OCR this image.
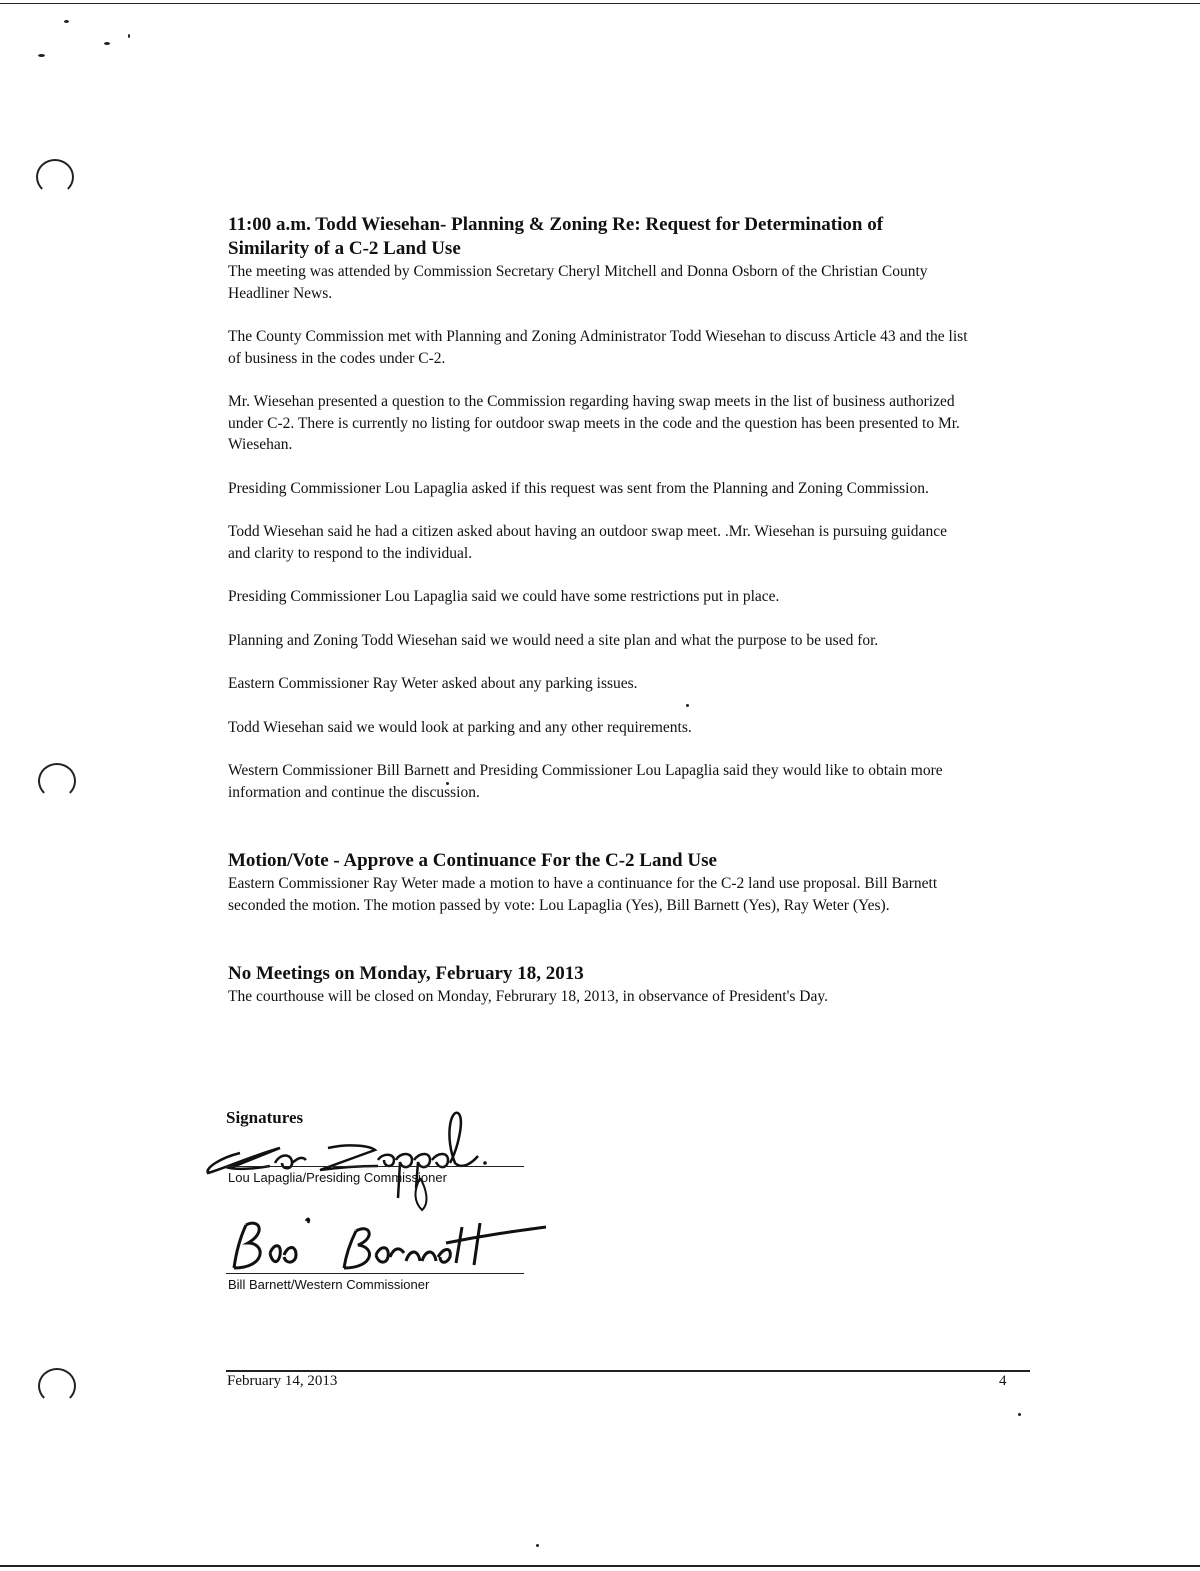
11:00 a.m. Todd Wiesehan- Planning & Zoning Re: Request for Determination of Similarity of a C-2 Land Use

The meeting was attended by Commission Secretary Cheryl Mitchell and Donna Osborn of the Christian County Headliner News.

The County Commission met with Planning and Zoning Administrator Todd Wiesehan to discuss Article 43 and the list of business in the codes under C-2.

Mr. Wiesehan presented a question to the Commission regarding having swap meets in the list of business authorized under C-2. There is currently no listing for outdoor swap meets in the code and the question has been presented to Mr. Wiesehan.

Presiding Commissioner Lou Lapaglia asked if this request was sent from the Planning and Zoning Commission.

Todd Wiesehan said he had a citizen asked about having an outdoor swap meet. .Mr. Wiesehan is pursuing guidance and clarity to respond to the individual.

Presiding Commissioner Lou Lapaglia said we could have some restrictions put in place.

Planning and Zoning Todd Wiesehan said we would need a site plan and what the purpose to be used for.

Eastern Commissioner Ray Weter asked about any parking issues.

Todd Wiesehan said we would look at parking and any other requirements.

Western Commissioner Bill Barnett and Presiding Commissioner Lou Lapaglia said they would like to obtain more information and continue the discussion.

Motion/Vote - Approve a Continuance For the C-2 Land Use

Eastern Commissioner Ray Weter made a motion to have a continuance for the C-2 land use proposal. Bill Barnett seconded the motion. The motion passed by vote: Lou Lapaglia (Yes), Bill Barnett (Yes), Ray Weter (Yes).

No Meetings on Monday, February 18, 2013

The courthouse will be closed on Monday, Februrary 18, 2013, in observance of President's Day.

Signatures
Lou Lapaglia/Presiding Commissioner
Bill Barnett/Western Commissioner
February 14, 2013	4
